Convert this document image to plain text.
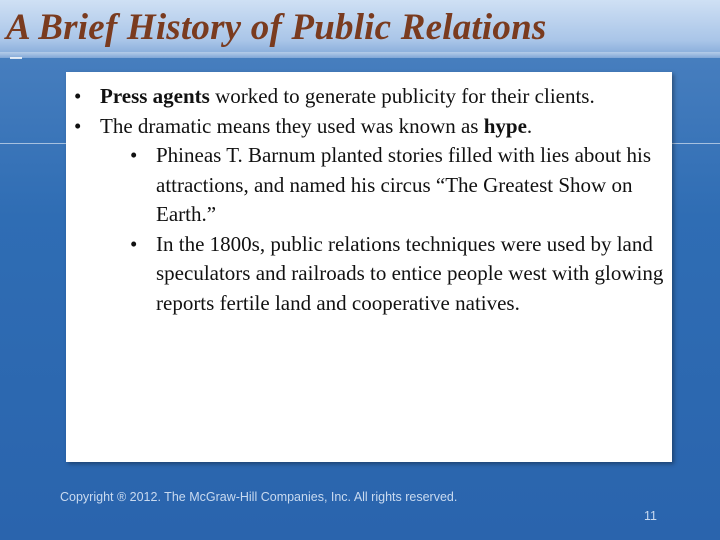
A Brief History of Public Relations
• Press agents worked to generate publicity for their clients.
• The dramatic means they used was known as hype.
• Phineas T. Barnum planted stories filled with lies about his attractions, and named his circus “The Greatest Show on Earth.”
• In the 1800s, public relations techniques were used by land speculators and railroads to entice people west with glowing reports fertile land and cooperative natives.
Copyright ® 2012. The McGraw-Hill Companies, Inc. All rights reserved.
11
